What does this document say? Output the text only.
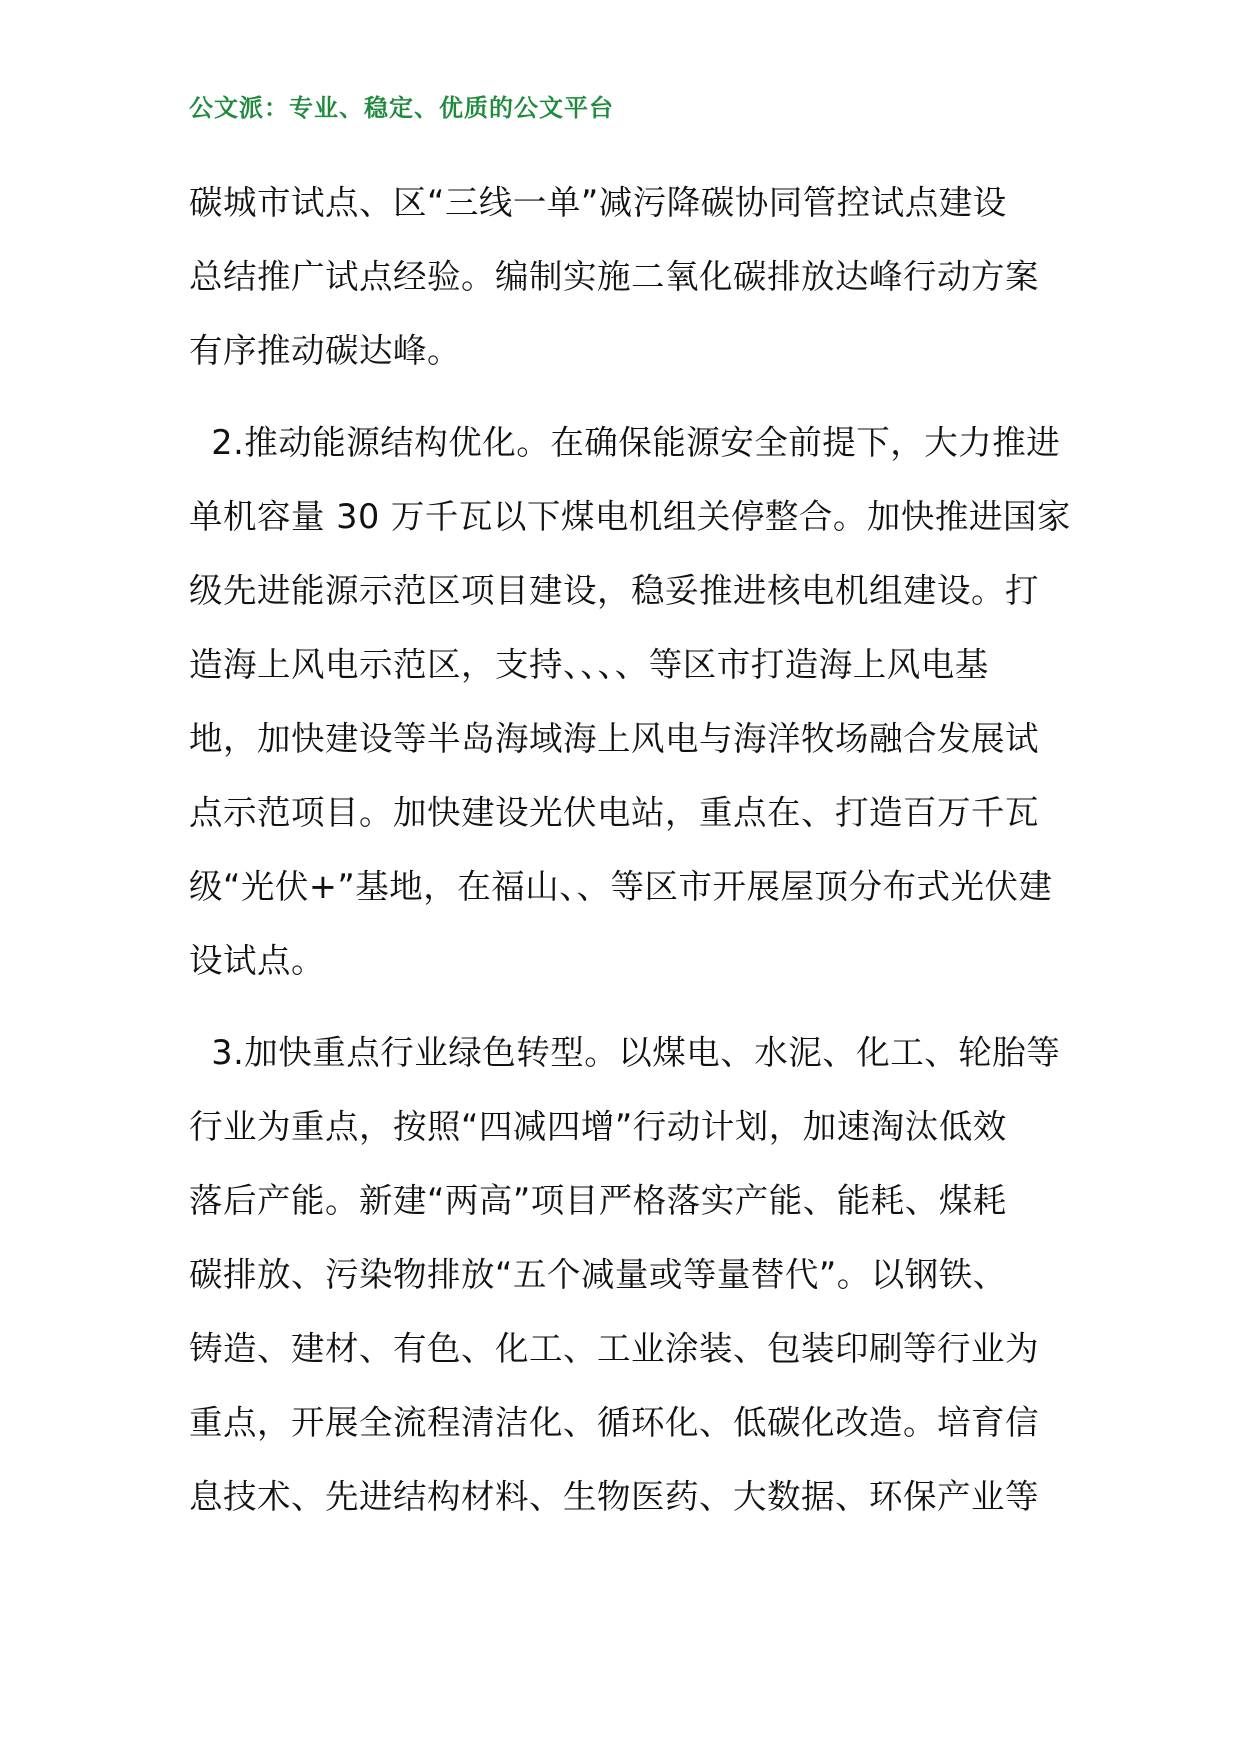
公文派：专业、稳定、优质的公文平台
碳城市试点、区“三线一单”减污降碳协同管控试点建设
总结推广试点经验。编制实施二氧化碳排放达峰行动方案
有序推动碳达峰。
2.推动能源结构优化。在确保能源安全前提下，大力推进
单机容量 30 万千瓦以下煤电机组关停整合。加快推进国家
级先进能源示范区项目建设，稳妥推进核电机组建设。打
造海上风电示范区，支持、、、、等区市打造海上风电基
地，加快建设等半岛海域海上风电与海洋牧场融合发展试
点示范项目。加快建设光伏电站，重点在、打造百万千瓦
级“光伏+”基地，在福山、、等区市开展屋顶分布式光伏建
设试点。
3.加快重点行业绿色转型。以煤电、水泥、化工、轮胎等
行业为重点，按照“四减四增”行动计划，加速淘汰低效
落后产能。新建“两高”项目严格落实产能、能耗、煤耗
碳排放、污染物排放“五个减量或等量替代”。以钢铁、
铸造、建材、有色、化工、工业涂装、包装印刷等行业为
重点，开展全流程清洁化、循环化、低碳化改造。培育信
息技术、先进结构材料、生物医药、大数据、环保产业等
